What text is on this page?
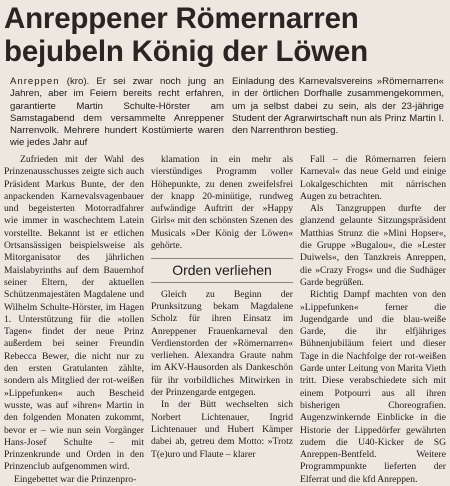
Anreppener Römernarren
bejubeln König der Löwen
Anreppen (kro). Er sei zwar noch jung an Jahren, aber im Feiern bereits recht erfahren, garantierte Martin Schulte-Hörster am Samstagabend dem versammelte Anreppener Narrenvolk. Mehrere hundert Kostümierte waren wie jedes Jahr auf
Einladung des Karnevalsvereins »Römernarren« in der örtlichen Dorfhalle zusammengekommen, um ja selbst dabei zu sein, als der 23-jährige Student der Agrarwirtschaft nun als Prinz Martin I. den Narrenthron bestieg.

Zufrieden mit der Wahl des Prinzenausschusses zeigte sich auch Präsident Markus Bunte, der den anpackenden Karnevalsvagenbauer und begeisterten Motorradfahrer wie immer in waschechtem Latein vorstellte. Bekannt ist er etlichen Ortsansässigen beispielsweise als Mitorganisator des jährlichen Maislabyrinths auf dem Bauernhof seiner Eltern, der aktuellen Schützenmajestäten Magdalene und Wilhelm Schulte-Hörster, im Hagen 1. Unterstützung für die »tollen Tagen« findet der neue Prinz außerdem bei seiner Freundin Rebecca Bewer, die nicht nur zu den ersten Gratulanten zählte, sondern als Mitglied der rot-weißen »Lippefunken« auch Bescheid wusste, was auf »ihren« Martin in den folgenden Monaten zukommt, bevor er – wie nun sein Vorgänger Hans-Josef Schulte – mit Prinzenkrunde und Orden in den Prinzenclub aufgenommen wird.

Eingebettet war die Prinzenpro-

klamation in ein mehr als vierstündiges Programm voller Höhepunkte, zu denen zweifelsfrei der knapp 20-minütige, rundweg aufwändige Auftritt der »Happy Girls« mit den schönsten Szenen des Musicals »Der König der Löwen« gehörte.

Orden verliehen

Gleich zu Beginn der Prunksitzung bekam Magdalene Scholz für ihren Einsatz im Anreppener Frauenkarneval den Verdienstorden der »Römernarren« verliehen. Alexandra Graute nahm im AKV-Hausorden als Dankeschön für ihr vorbildliches Mitwirken in der Prinzengarde entgegen.

In der Bütt wechselten sich Norbert Lichtenauer, Ingrid Lichtenauer und Hubert Kämper dabei ab, getreu dem Motto: »Trotz T(e)uro und Flaute – klarer

Fall – die Römernarren feiern Karneval« das neue Geld und einige Lokalgeschichten mit närrischen Augen zu betrachten.

Als Tanzgruppen durfte der glanzend gelaunte Sitzungspräsident Matthias Strunz die »Mini Hopser«, die Gruppe »Bugalou«, die »Lester Duiwels«, den Tanzkreis Anreppen, die »Crazy Frogs« und die Sudhäger Garde begrüßen.

Richtig Dampf machten von den »Lippefunken« ferner die Jugendgarde und die blau-weiße Garde, die ihr elfjähriges Bühnenjubiläum feiert und dieser Tage in die Nachfolge der rot-weißen Garde unter Leitung von Marita Vieth tritt. Diese verabschiedete sich mit einem Potpourri aus all ihren bisherigen Choreografien. Augenzwinkernde Einblicke in die Historie der Lippedörfer gewährten zudem die U40-Kicker de SG Anreppen-Bentfeld. Weitere Programmpunkte lieferten der Elferrat und die kfd Anreppen.
